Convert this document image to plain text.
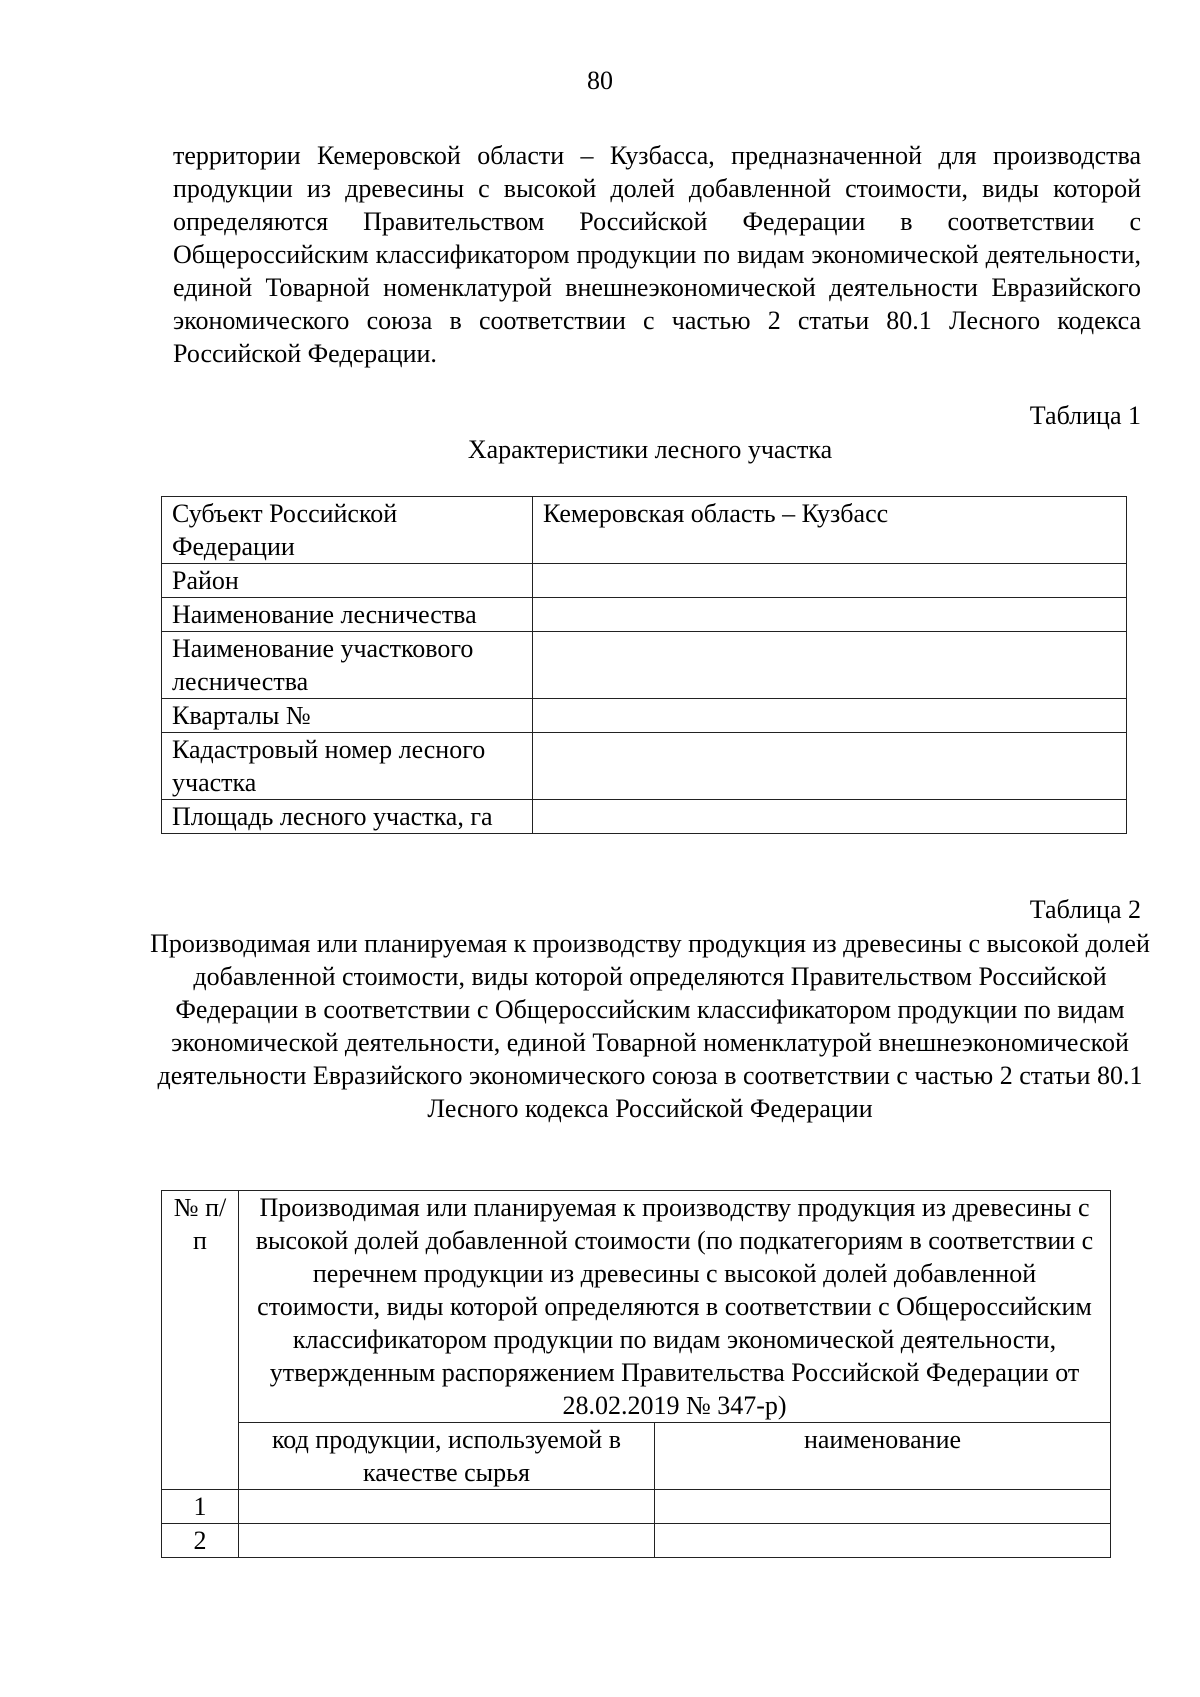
80

территории Кемеровской области – Кузбасса, предназначенной для производства продукции из древесины с высокой долей добавленной стоимости, виды которой определяются Правительством Российской Федерации в соответствии с Общероссийским классификатором продукции по видам экономической деятельности, единой Товарной номенклатурой внешнеэкономической деятельности Евразийского экономического союза в соответствии с частью 2 статьи 80.1 Лесного кодекса Российской Федерации.

Таблица 1
Характеристики лесного участка
Субъект Российской Федерации	Кемеровская область – Кузбасс
Район	
Наименование лесничества	
Наименование участкового лесничества	
Кварталы №	
Кадастровый номер лесного участка	
Площадь лесного участка, га	
Таблица 2
Производимая или планируемая к производству продукция из древесины с высокой долей добавленной стоимости, виды которой определяются Правительством Российской Федерации в соответствии с Общероссийским классификатором продукции по видам экономической деятельности, единой Товарной номенклатурой внешнеэкономической деятельности Евразийского экономического союза в соответствии с частью 2 статьи 80.1 Лесного кодекса Российской Федерации
№ п/п	Производимая или планируемая к производству продукция из древесины с высокой долей добавленной стоимости (по подкатегориям в соответствии с перечнем продукции из древесины с высокой долей добавленной стоимости, виды которой определяются в соответствии с Общероссийским классификатором продукции по видам экономической деятельности, утвержденным распоряжением Правительства Российской Федерации от 28.02.2019 № 347-р)	
	код продукции, используемой в качестве сырья	наименование
1		
2		
